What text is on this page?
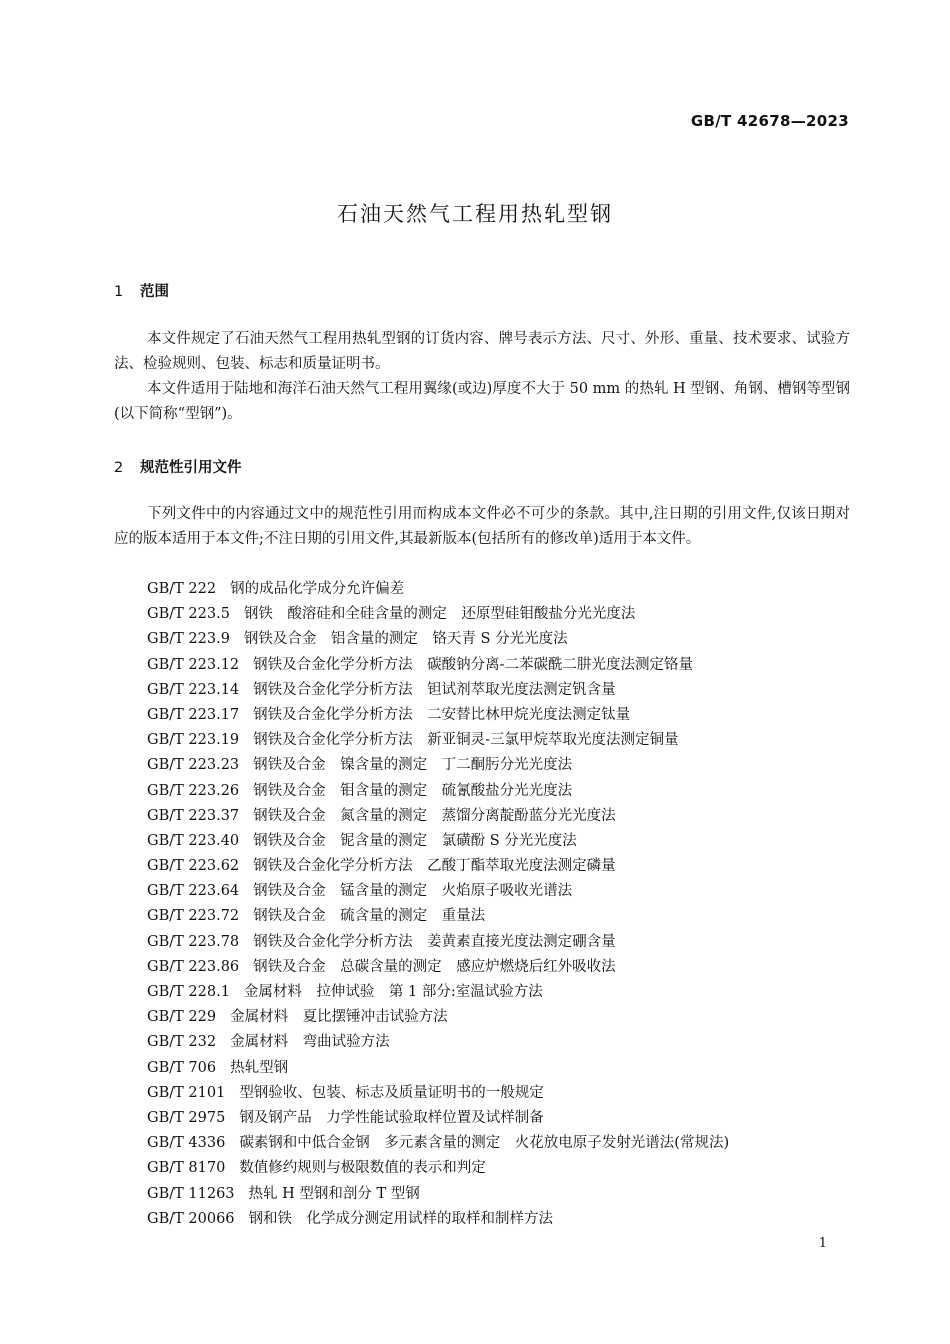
GB/T 42678—2023
石油天然气工程用热轧型钢
1 范围

本文件规定了石油天然气工程用热轧型钢的订货内容、牌号表示方法、尺寸、外形、重量、技术要求、试验方法、检验规则、包装、标志和质量证明书。

本文件适用于陆地和海洋石油天然气工程用翼缘(或边)厚度不大于 50 mm 的热轧 H 型钢、角钢、槽钢等型钢(以下简称“型钢”)。

2 规范性引用文件

下列文件中的内容通过文中的规范性引用而构成本文件必不可少的条款。其中,注日期的引用文件,仅该日期对应的版本适用于本文件;不注日期的引用文件,其最新版本(包括所有的修改单)适用于本文件。

GB/T 222 钢的成品化学成分允许偏差
GB/T 223.5 钢铁　酸溶硅和全硅含量的测定　还原型硅钼酸盐分光光度法
GB/T 223.9 钢铁及合金　铝含量的测定　铬天青 S 分光光度法
GB/T 223.12 钢铁及合金化学分析方法　碳酸钠分离-二苯碳酰二肼光度法测定铬量
GB/T 223.14 钢铁及合金化学分析方法　钽试剂萃取光度法测定钒含量
GB/T 223.17 钢铁及合金化学分析方法　二安替比林甲烷光度法测定钛量
GB/T 223.19 钢铁及合金化学分析方法　新亚铜灵-三氯甲烷萃取光度法测定铜量
GB/T 223.23 钢铁及合金　镍含量的测定　丁二酮肟分光光度法
GB/T 223.26 钢铁及合金　钼含量的测定　硫氰酸盐分光光度法
GB/T 223.37 钢铁及合金　氮含量的测定　蒸馏分离靛酚蓝分光光度法
GB/T 223.40 钢铁及合金　铌含量的测定　氯磺酚 S 分光光度法
GB/T 223.62 钢铁及合金化学分析方法　乙酸丁酯萃取光度法测定磷量
GB/T 223.64 钢铁及合金　锰含量的测定　火焰原子吸收光谱法
GB/T 223.72 钢铁及合金　硫含量的测定　重量法
GB/T 223.78 钢铁及合金化学分析方法　姜黄素直接光度法测定硼含量
GB/T 223.86 钢铁及合金　总碳含量的测定　感应炉燃烧后红外吸收法
GB/T 228.1 金属材料　拉伸试验　第 1 部分:室温试验方法
GB/T 229 金属材料　夏比摆锤冲击试验方法
GB/T 232 金属材料　弯曲试验方法
GB/T 706 热轧型钢
GB/T 2101 型钢验收、包装、标志及质量证明书的一般规定
GB/T 2975 钢及钢产品　力学性能试验取样位置及试样制备
GB/T 4336 碳素钢和中低合金钢　多元素含量的测定　火花放电原子发射光谱法(常规法)
GB/T 8170 数值修约规则与极限数值的表示和判定
GB/T 11263 热轧 H 型钢和剖分 T 型钢
GB/T 20066 钢和铁　化学成分测定用试样的取样和制样方法
1
